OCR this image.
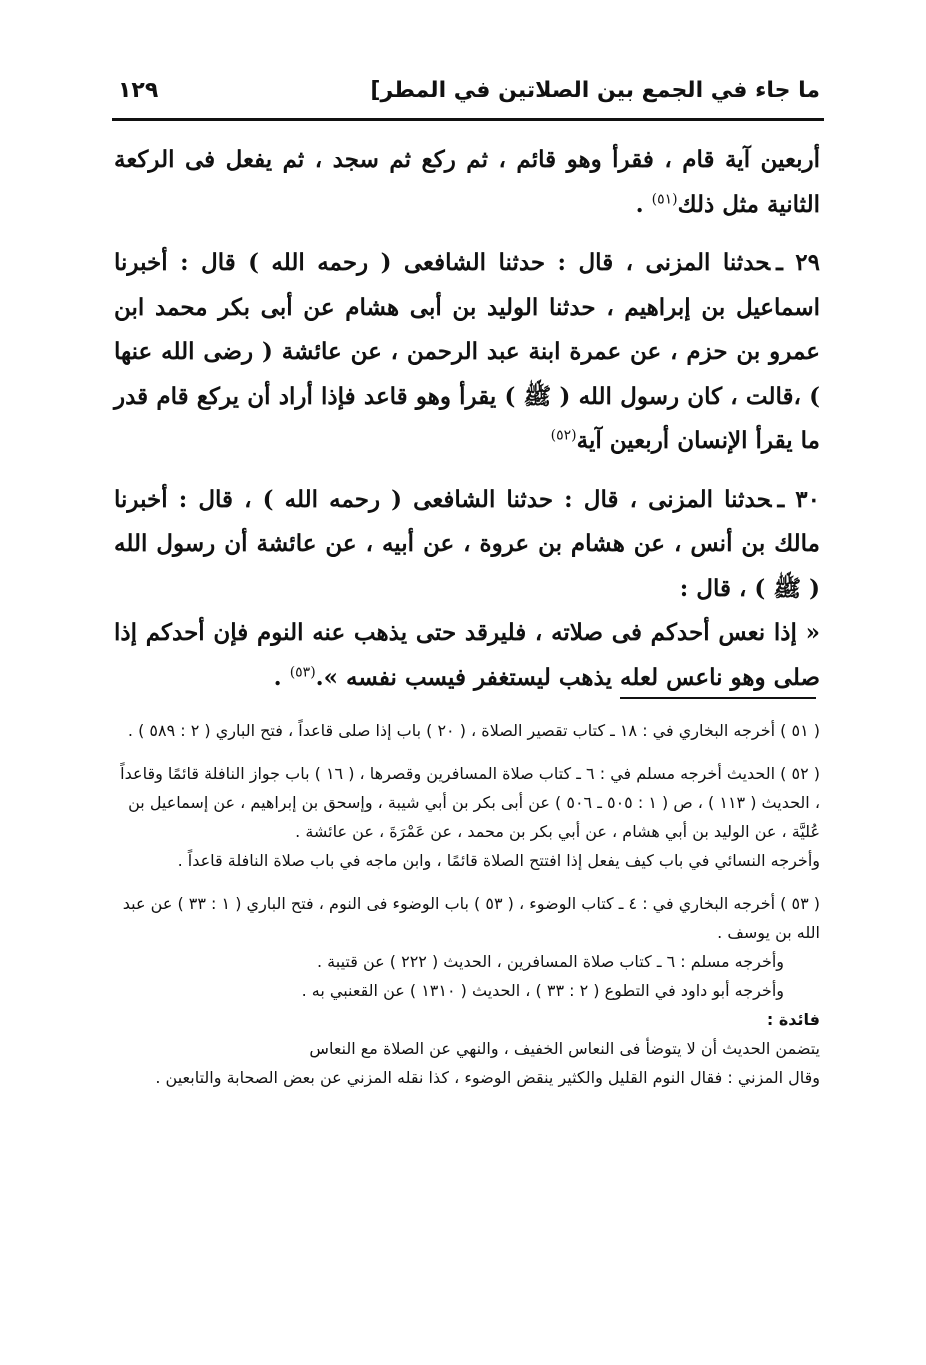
ما جاء في الجمع بين الصلاتين في المطر]
١٢٩

أربعين آية قام ، فقرأ وهو قائم ، ثم ركع ثم سجد ، ثم يفعل فى الركعة الثانية مثل ذلك$^{(٥١)}$ .

٢٩ ـحدثنا المزنى ، قال : حدثنا الشافعى ( رحمه الله ) قال : أخبرنا اسماعيل بن إبراهيم ، حدثنا الوليد بن أبى هشام عن أبى بكر محمد ابن عمرو بن حزم ، عن عمرة ابنة عبد الرحمن ، عن عائشة ( رضى الله عنها ) ،قالت ، كان رسول الله ( ﷺ ) يقرأ وهو قاعد فإذا أراد أن يركع قام قدر ما يقرأ الإنسان أربعين آية$^{(٥٢)}$

٣٠ ـحدثنا المزنى ، قال : حدثنا الشافعى ( رحمه الله ) ، قال : أخبرنا مالك بن أنس ، عن هشام بن عروة ، عن أبيه ، عن عائشة أن رسول الله ( ﷺ ) ، قال :

« إذا نعس أحدكم فى صلاته ، فليرقد حتى يذهب عنه النوم فإن أحدكم إذا صلى وهو ناعس لعله يذهب ليستغفر فيسب نفسه ».$^{(٥٣)}$ .

( ٥١ ) أخرجه البخاري في : ١٨ ـ كتاب تقصير الصلاة ، ( ٢٠ ) باب إذا صلى قاعداً ، فتح الباري ( ٢ : ٥٨٩ ) .

( ٥٢ ) الحديث أخرجه مسلم في : ٦ ـ كتاب صلاة المسافرين وقصرها ، ( ١٦ ) باب جواز النافلة قائمًا وقاعداً ، الحديث ( ١١٣ ) ، ص ( ١ : ٥٠٥ ـ ٥٠٦ ) عن أبى بكر بن أبي شيبة ، وإسحق بن إبراهيم ، عن إسماعيل بن عُليَّة ، عن الوليد بن أبي هشام ، عن أبي بكر بن محمد ، عن عَمْرَةَ ، عن عائشة .

وأخرجه النسائي في باب كيف يفعل إذا افتتح الصلاة قائمًا ، وابن ماجه في باب صلاة النافلة قاعداً .

( ٥٣ ) أخرجه البخاري في : ٤ ـ كتاب الوضوء ، ( ٥٣ ) باب الوضوء فى النوم ، فتح الباري ( ١ : ٣٣ ) عن عبد الله بن يوسف .

وأخرجه مسلم : ٦ ـ كتاب صلاة المسافرين ، الحديث ( ٢٢٢ ) عن قتيبة .

وأخرجه أبو داود في التطوع ( ٢ : ٣٣ ) ، الحديث ( ١٣١٠ ) عن القعنبي به .

فائدة :

يتضمن الحديث أن لا يتوضأ فى النعاس الخفيف ، والنهي عن الصلاة مع النعاس

وقال المزني : فقال النوم القليل والكثير ينقض الوضوء ، كذا نقله المزني عن بعض الصحابة والتابعين .
